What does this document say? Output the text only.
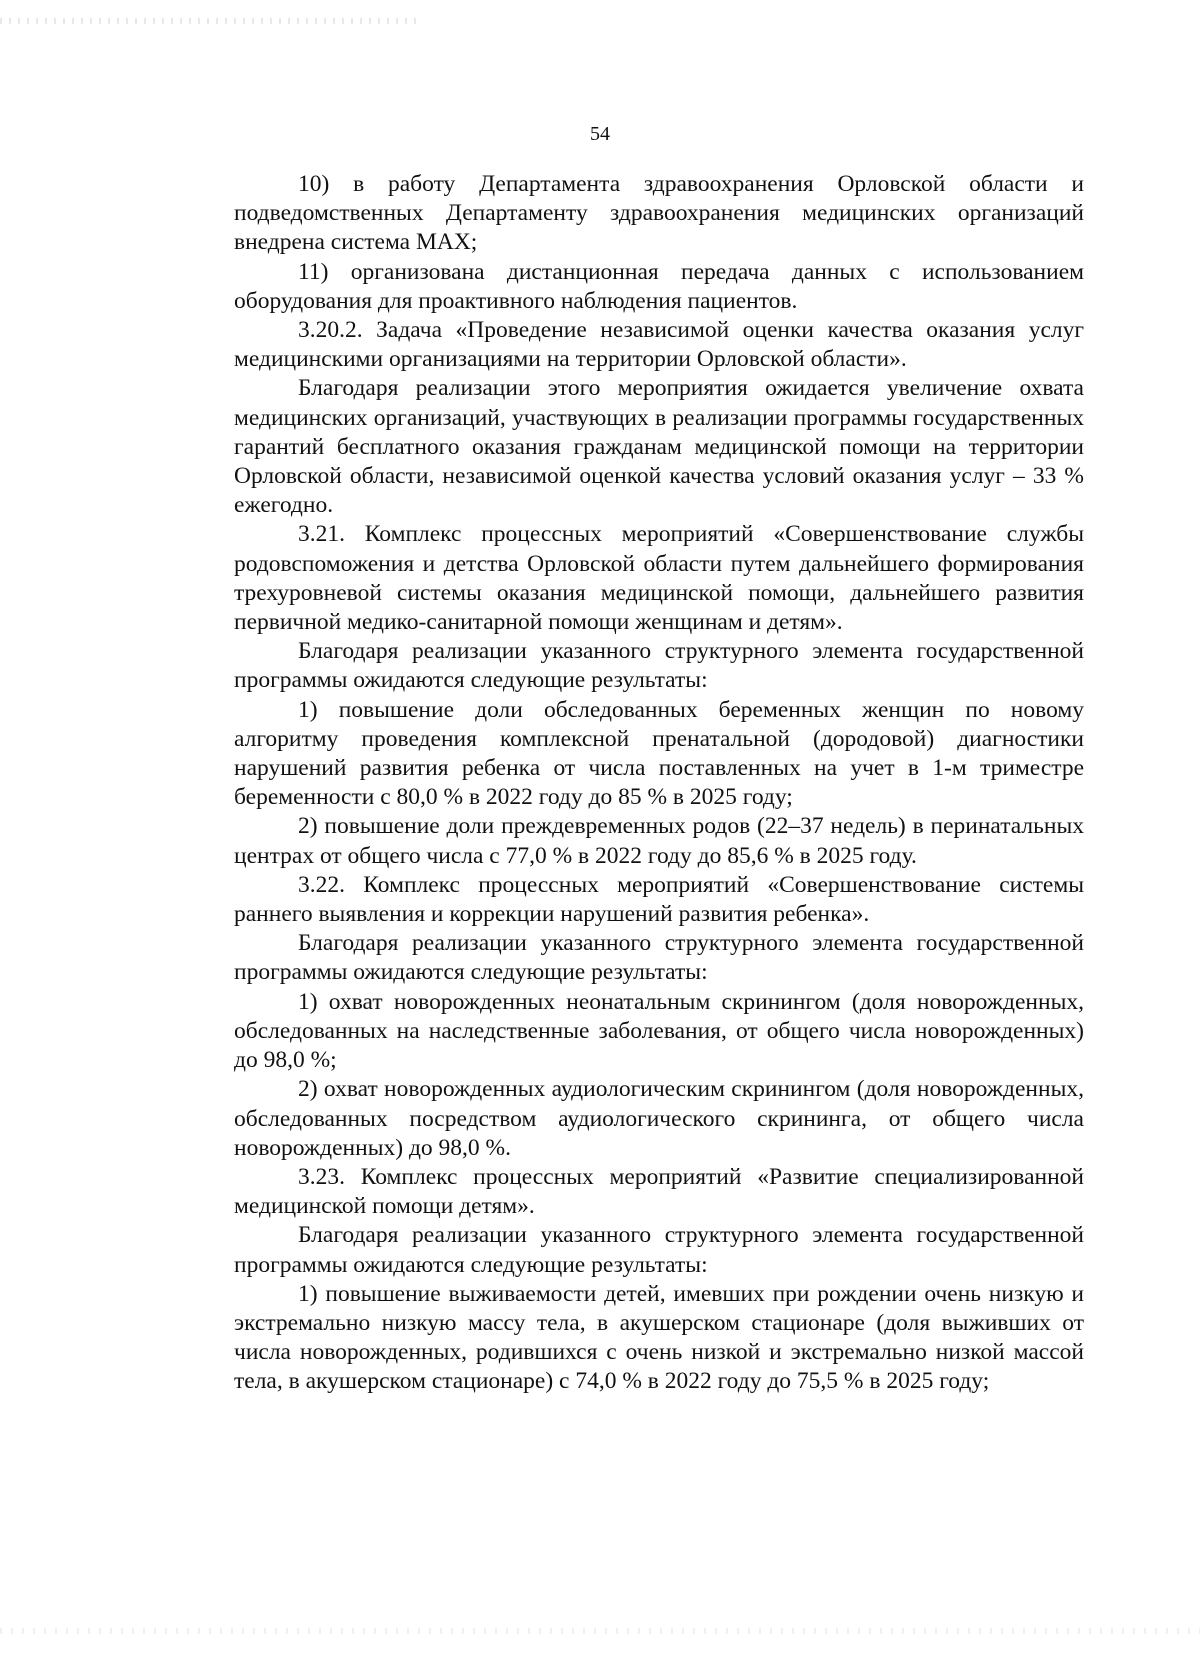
54

10) в работу Департамента здравоохранения Орловской области и подведомственных Департаменту здравоохранения медицинских организаций внедрена система МАХ;

11) организована дистанционная передача данных с использованием оборудования для проактивного наблюдения пациентов.

3.20.2. Задача «Проведение независимой оценки качества оказания услуг медицинскими организациями на территории Орловской области».

Благодаря реализации этого мероприятия ожидается увеличение охвата медицинских организаций, участвующих в реализации программы государственных гарантий бесплатного оказания гражданам медицинской помощи на территории Орловской области, независимой оценкой качества условий оказания услуг – 33 % ежегодно.

3.21. Комплекс процессных мероприятий «Совершенствование службы родовспоможения и детства Орловской области путем дальнейшего формирования трехуровневой системы оказания медицинской помощи, дальнейшего развития первичной медико-санитарной помощи женщинам и детям».

Благодаря реализации указанного структурного элемента государственной программы ожидаются следующие результаты:

1) повышение доли обследованных беременных женщин по новому алгоритму проведения комплексной пренатальной (дородовой) диагностики нарушений развития ребенка от числа поставленных на учет в 1-м триместре беременности с 80,0 % в 2022 году до 85 % в 2025 году;

2) повышение доли преждевременных родов (22–37 недель) в перинатальных центрах от общего числа с 77,0 % в 2022 году до 85,6 % в 2025 году.

3.22. Комплекс процессных мероприятий «Совершенствование системы раннего выявления и коррекции нарушений развития ребенка».

Благодаря реализации указанного структурного элемента государственной программы ожидаются следующие результаты:

1) охват новорожденных неонатальным скринингом (доля новорожденных, обследованных на наследственные заболевания, от общего числа новорожденных) до 98,0 %;

2) охват новорожденных аудиологическим скринингом (доля новорожденных, обследованных посредством аудиологического скрининга, от общего числа новорожденных) до 98,0 %.

3.23. Комплекс процессных мероприятий «Развитие специализированной медицинской помощи детям».

Благодаря реализации указанного структурного элемента государственной программы ожидаются следующие результаты:

1) повышение выживаемости детей, имевших при рождении очень низкую и экстремально низкую массу тела, в акушерском стационаре (доля выживших от числа новорожденных, родившихся с очень низкой и экстремально низкой массой тела, в акушерском стационаре) с 74,0 % в 2022 году до 75,5 % в 2025 году;
